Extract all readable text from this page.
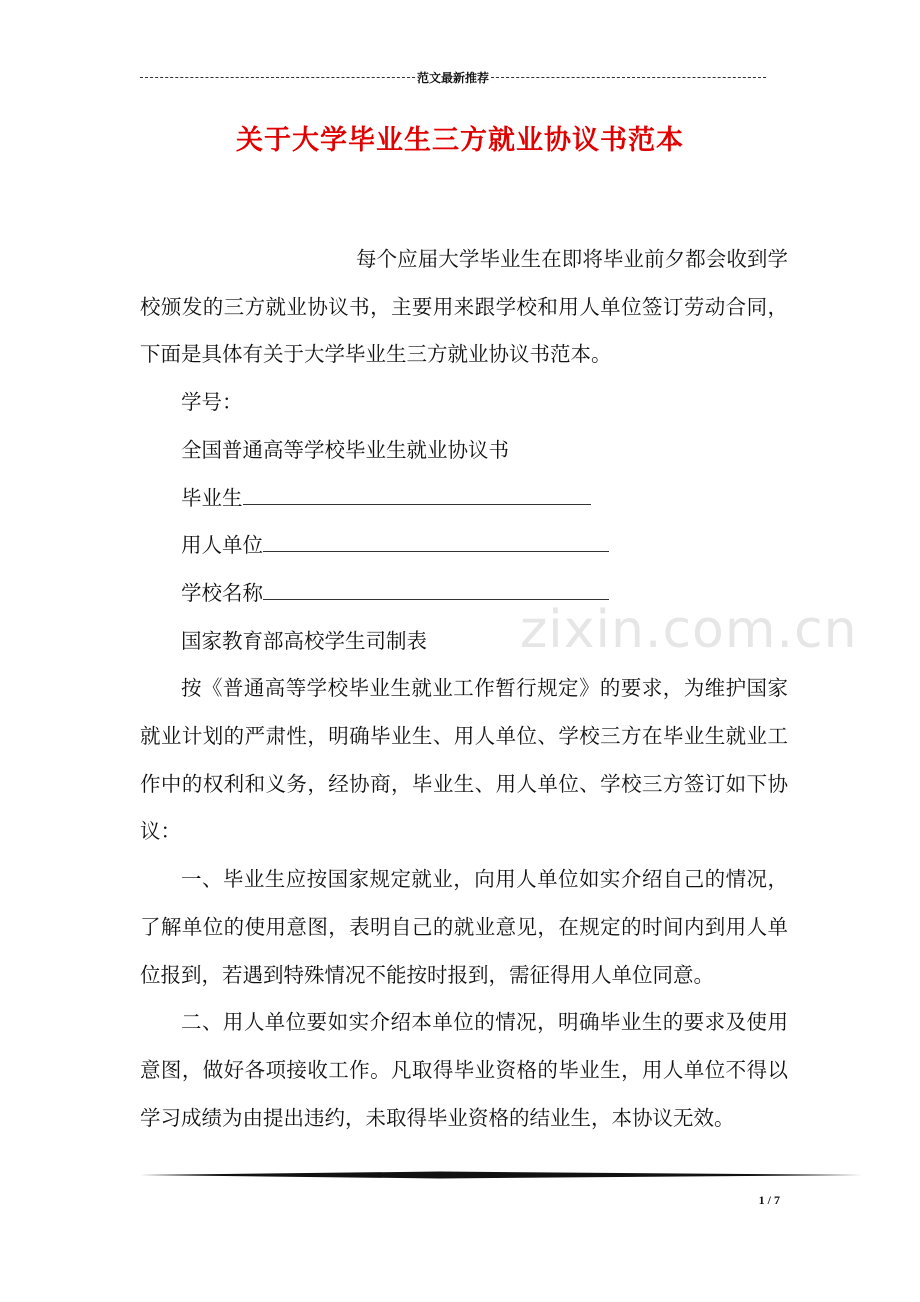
范文最新推荐
关于大学毕业生三方就业协议书范本
zixin.com.cn

每个应届大学毕业生在即将毕业前夕都会收到学校颁发的三方就业协议书，主要用来跟学校和用人单位签订劳动合同，下面是具体有关于大学毕业生三方就业协议书范本。

学号：

全国普通高等学校毕业生就业协议书

毕业生

用人单位

学校名称

国家教育部高校学生司制表

按《普通高等学校毕业生就业工作暂行规定》的要求，为维护国家就业计划的严肃性，明确毕业生、用人单位、学校三方在毕业生就业工作中的权利和义务，经协商，毕业生、用人单位、学校三方签订如下协议：

一、毕业生应按国家规定就业，向用人单位如实介绍自己的情况，了解单位的使用意图，表明自己的就业意见，在规定的时间内到用人单位报到，若遇到特殊情况不能按时报到，需征得用人单位同意。

二、用人单位要如实介绍本单位的情况，明确毕业生的要求及使用意图，做好各项接收工作。凡取得毕业资格的毕业生，用人单位不得以学习成绩为由提出违约，未取得毕业资格的结业生，本协议无效。

1 / 7
